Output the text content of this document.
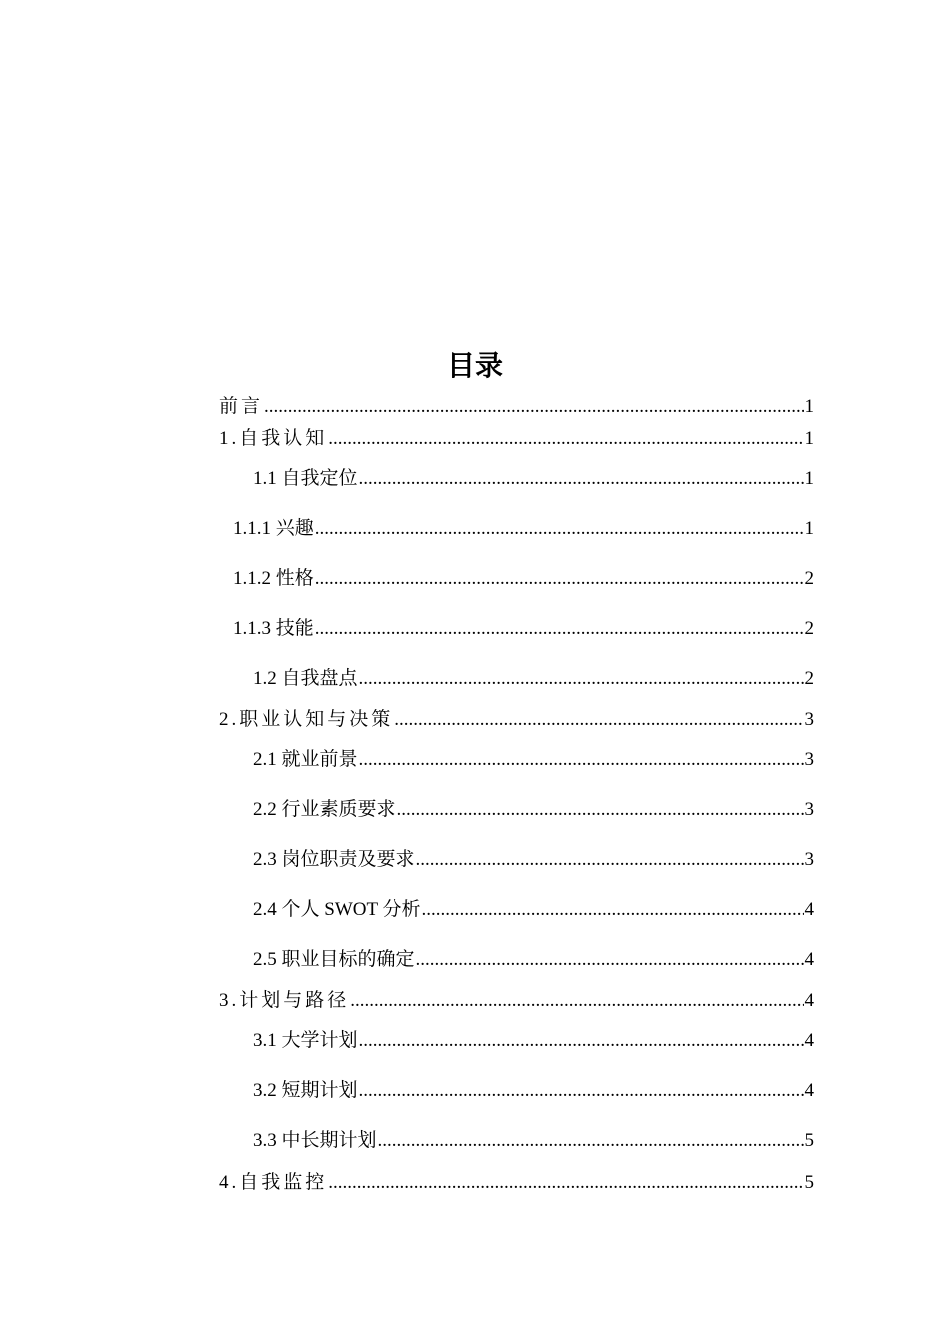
目录
前言 .....	1
1.自我认知 .....	1
1.1 自我定位 .....	1
1.1.1 兴趣 .....	1
1.1.2 性格 .....	2
1.1.3 技能 .....	2
1.2 自我盘点 .....	2
2.职业认知与决策 .....	3
2.1 就业前景 .....	3
2.2 行业素质要求 .....	3
2.3 岗位职责及要求 .....	3
2.4 个人 SWOT 分析 .....	4
2.5 职业目标的确定 .....	4
3.计划与路径 .....	4
3.1 大学计划 .....	4
3.2 短期计划 .....	4
3.3 中长期计划 .....	5
4.自我监控 .....	5
